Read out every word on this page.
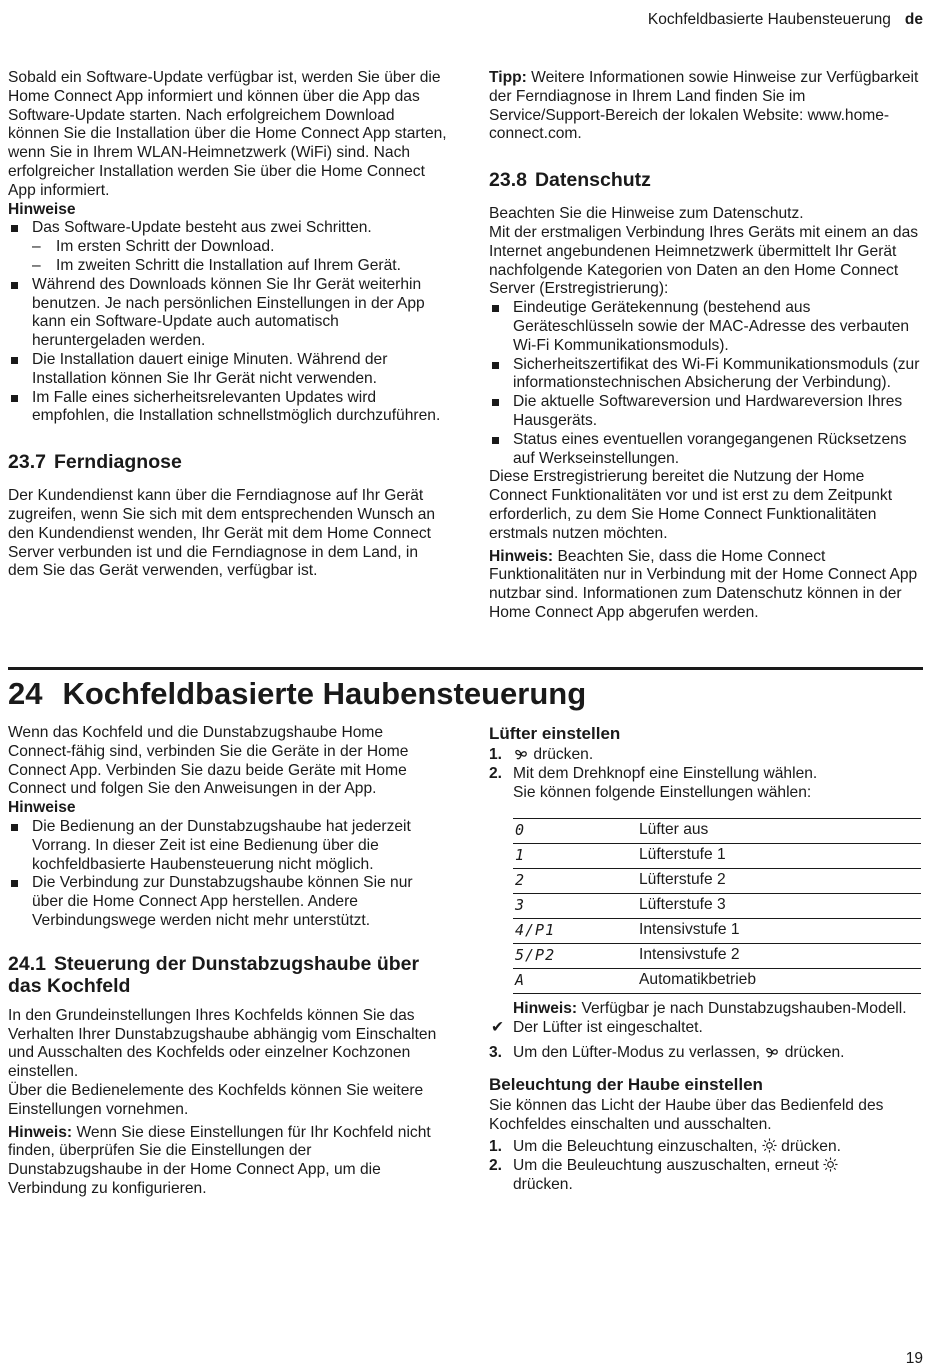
Kochfeldbasierte Haubensteuerung de

Sobald ein Software-Update verfügbar ist, werden Sie über die Home Connect App informiert und können über die App das Software-Update starten. Nach erfolgreichem Download können Sie die Installation über die Home Connect App starten, wenn Sie in Ihrem WLAN-Heimnetzwerk (WiFi) sind. Nach erfolgreicher Installation werden Sie über die Home Connect App informiert.

Hinweise

Das Software-Update besteht aus zwei Schritten.
– Im ersten Schritt der Download.
– Im zweiten Schritt die Installation auf Ihrem Gerät.
Während des Downloads können Sie Ihr Gerät weiterhin benutzen. Je nach persönlichen Einstellungen in der App kann ein Software-Update auch automatisch heruntergeladen werden.
Die Installation dauert einige Minuten. Während der Installation können Sie Ihr Gerät nicht verwenden.
Im Falle eines sicherheitsrelevanten Updates wird empfohlen, die Installation schnellstmöglich durchzuführen.
23.7 Ferndiagnose

Der Kundendienst kann über die Ferndiagnose auf Ihr Gerät zugreifen, wenn Sie sich mit dem entsprechenden Wunsch an den Kundendienst wenden, Ihr Gerät mit dem Home Connect Server verbunden ist und die Ferndiagnose in dem Land, in dem Sie das Gerät verwenden, verfügbar ist.

Tipp: Weitere Informationen sowie Hinweise zur Verfügbarkeit der Ferndiagnose in Ihrem Land finden Sie im Service/Support-Bereich der lokalen Website: www.home-connect.com.

23.8 Datenschutz

Beachten Sie die Hinweise zum Datenschutz.

Mit der erstmaligen Verbindung Ihres Geräts mit einem an das Internet angebundenen Heimnetzwerk übermittelt Ihr Gerät nachfolgende Kategorien von Daten an den Home Connect Server (Erstregistrierung):

Eindeutige Gerätekennung (bestehend aus Geräteschlüsseln sowie der MAC-Adresse des verbauten Wi-Fi Kommunikationsmoduls).
Sicherheitszertifikat des Wi-Fi Kommunikationsmoduls (zur informationstechnischen Absicherung der Verbindung).
Die aktuelle Softwareversion und Hardwareversion Ihres Hausgeräts.
Status eines eventuellen vorangegangenen Rücksetzens auf Werkseinstellungen.

Diese Erstregistrierung bereitet die Nutzung der Home Connect Funktionalitäten vor und ist erst zu dem Zeitpunkt erforderlich, zu dem Sie Home Connect Funktionalitäten erstmals nutzen möchten.

Hinweis: Beachten Sie, dass die Home Connect Funktionalitäten nur in Verbindung mit der Home Connect App nutzbar sind. Informationen zum Datenschutz können in der Home Connect App abgerufen werden.

24 Kochfeldbasierte Haubensteuerung

Wenn das Kochfeld und die Dunstabzugshaube Home Connect-fähig sind, verbinden Sie die Geräte in der Home Connect App. Verbinden Sie dazu beide Geräte mit Home Connect und folgen Sie den Anweisungen in der App.

Hinweise

Die Bedienung an der Dunstabzugshaube hat jederzeit Vorrang. In dieser Zeit ist eine Bedienung über die kochfeldbasierte Haubensteuerung nicht möglich.
Die Verbindung zur Dunstabzugshaube können Sie nur über die Home Connect App herstellen. Andere Verbindungswege werden nicht mehr unterstützt.
24.1 Steuerung der Dunstabzugshaube über das Kochfeld

In den Grundeinstellungen Ihres Kochfelds können Sie das Verhalten Ihrer Dunstabzugshaube abhängig vom Einschalten und Ausschalten des Kochfelds oder einzelner Kochzonen einstellen.

Über die Bedienelemente des Kochfelds können Sie weitere Einstellungen vornehmen.

Hinweis: Wenn Sie diese Einstellungen für Ihr Kochfeld nicht finden, überprüfen Sie die Einstellungen der Dunstabzugshaube in der Home Connect App, um die Verbindung zu konfigurieren.

Lüfter einstellen
1. drücken.
2. Mit dem Drehknopf eine Einstellung wählen.
Sie können folgende Einstellungen wählen:
0	Lüfter aus
1	Lüfterstufe 1
2	Lüfterstufe 2
3	Lüfterstufe 3
4/P1	Intensivstufe 1
5/P2	Intensivstufe 2
A	Automatikbetrieb
Hinweis: Verfügbar je nach Dunstabzugshauben-Modell.
✔ Der Lüfter ist eingeschaltet.
3. Um den Lüfter-Modus zu verlassen, drücken.
Beleuchtung der Haube einstellen

Sie können das Licht der Haube über das Bedienfeld des Kochfeldes einschalten und ausschalten.

1. Um die Beleuchtung einzuschalten, drücken.
2. Um die Beuleuchtung auszuschalten, erneut
drücken.
19
